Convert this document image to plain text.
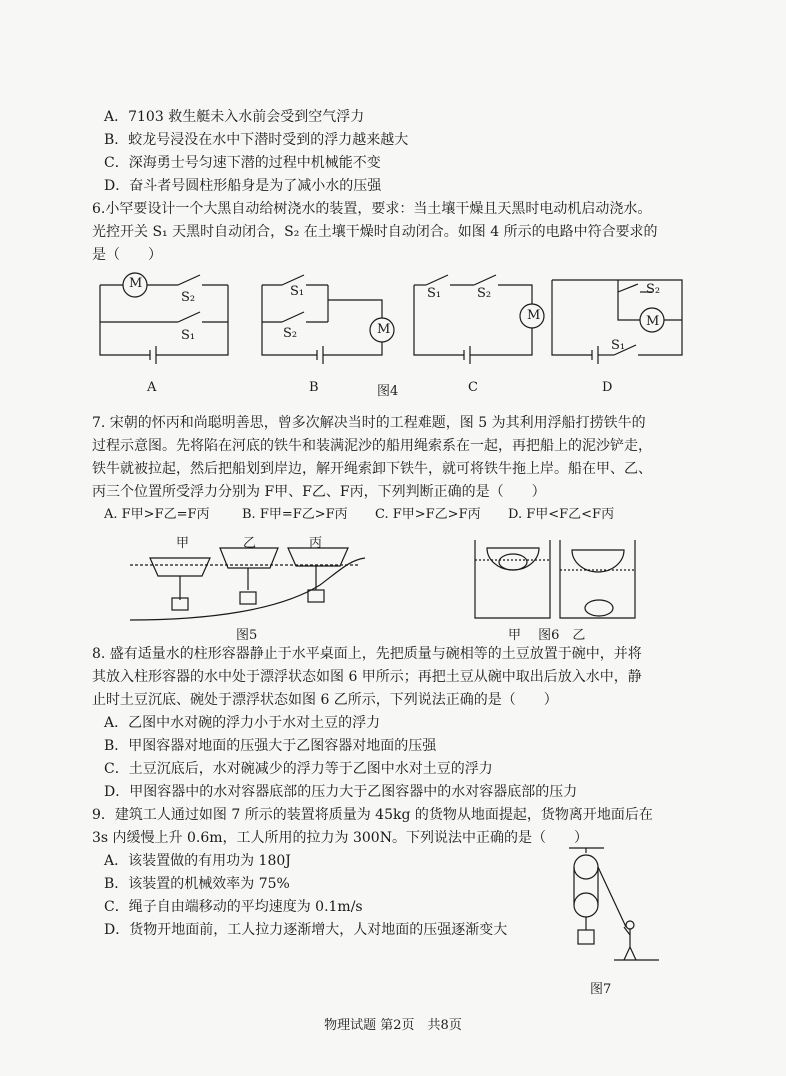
A．7103 救生艇未入水前会受到空气浮力
B．蛟龙号浸没在水中下潜时受到的浮力越来越大
C．深海勇士号匀速下潜的过程中机械能不变
D．奋斗者号圆柱形船身是为了减小水的压强
6.小罕要设计一个大黑自动给树浇水的装置，要求：当土壤干燥且天黑时电动机启动浇水。
光控开关 S₁ 天黑时自动闭合，S₂ 在土壤干燥时自动闭合。如图 4 所示的电路中符合要求的
是（　　）
M
S₂
S₁
A
M
S₁
S₂
B	图4
S₁	S₂
M
C
S₂
M
S₁
D
7. 宋朝的怀丙和尚聪明善思，曾多次解决当时的工程难题，图 5 为其利用浮船打捞铁牛的
过程示意图。先将陷在河底的铁牛和装满泥沙的船用绳索系在一起，再把船上的泥沙铲走，
铁牛就被拉起，然后把船划到岸边，解开绳索卸下铁牛，就可将铁牛拖上岸。船在甲、乙、
丙三个位置所受浮力分别为 F甲、F乙、F丙，下列判断正确的是（　　）
A. F甲>F乙=F丙	B. F甲=F乙>F丙 C. F甲>F乙>F丙 D. F甲<F乙<F丙
甲	乙	丙
图5	甲　 图6　乙
8. 盛有适量水的柱形容器静止于水平桌面上，先把质量与碗相等的土豆放置于碗中，并将
其放入柱形容器的水中处于漂浮状态如图 6 甲所示；再把土豆从碗中取出后放入水中，静
止时土豆沉底、碗处于漂浮状态如图 6 乙所示，下列说法正确的是（　　）
A．乙图中水对碗的浮力小于水对土豆的浮力
B．甲图容器对地面的压强大于乙图容器对地面的压强
C．土豆沉底后，水对碗减少的浮力等于乙图中水对土豆的浮力
D．甲图容器中的水对容器底部的压力大于乙图容器中的水对容器底部的压力
9．建筑工人通过如图 7 所示的装置将质量为 45kg 的货物从地面提起，货物离开地面后在
3s 内缓慢上升 0.6m，工人所用的拉力为 300N。下列说法中正确的是（　　）
A．该装置做的有用功为 180J
B．该装置的机械效率为 75%
C．绳子自由端移动的平均速度为 0.1m/s
D．货物开地面前，工人拉力逐渐增大，人对地面的压强逐渐变大
图7
物理试题 第2页　共8页
